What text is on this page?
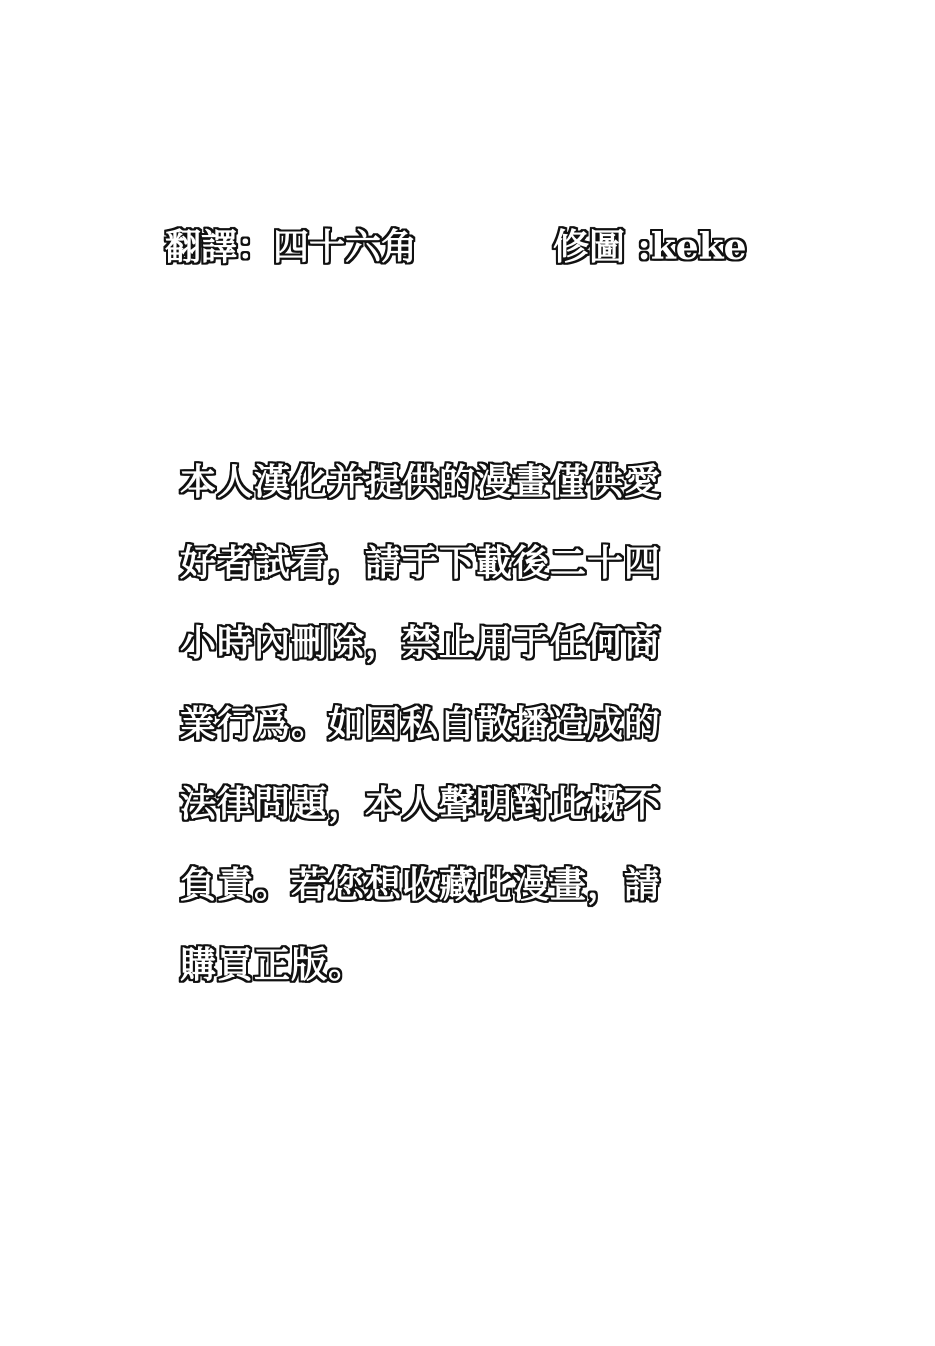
翻譯：四十六角	修圖 :keke
本人漢化并提供的漫畫僅供愛
好者試看，請于下載後二十四
小時內刪除，禁止用于任何商
業行爲。如因私自散播造成的
法律問題，本人聲明對此概不
負責。若您想收藏此漫畫，請
購買正版。
